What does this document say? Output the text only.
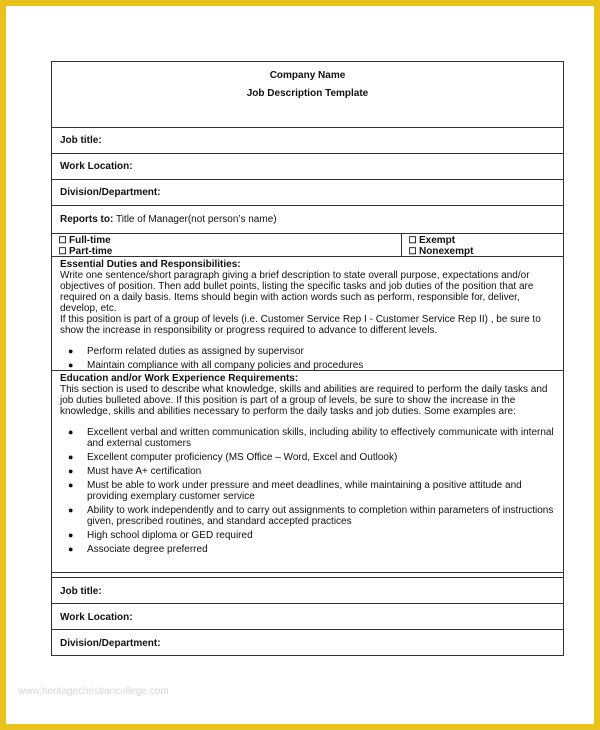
Company Name
Job Description Template
Job title:
Work Location:
Division/Department:
Reports to: Title of Manager(not person’s name)
☐ Full-time
☐ Part-time
☐ Exempt
☐ Nonexempt
Essential Duties and Responsibilities:

Write one sentence/short paragraph giving a brief description to state overall purpose, expectations and/or objectives of position. Then add bullet points, listing the specific tasks and job duties of the position that are required on a daily basis. Items should begin with action words such as perform, responsible for, deliver, develop, etc.

If this position is part of a group of levels (i.e. Customer Service Rep I - Customer Service Rep II) , be sure to show the increase in responsibility or progress required to advance to different levels.

● Perform related duties as assigned by supervisor
● Maintain compliance with all company policies and procedures
Education and/or Work Experience Requirements:

This section is used to describe what knowledge, skills and abilities are required to perform the daily tasks and job duties bulleted above. If this position is part of a group of levels, be sure to show the increase in the knowledge, skills and abilities necessary to perform the daily tasks and job duties. Some examples are:

● Excellent verbal and written communication skills, including ability to effectively communicate with internal and external customers
● Excellent computer proficiency (MS Office – Word, Excel and Outlook)
● Must have A+ certification
● Must be able to work under pressure and meet deadlines, while maintaining a positive attitude and providing exemplary customer service
● Ability to work independently and to carry out assignments to completion within parameters of instructions given, prescribed routines, and standard accepted practices
● High school diploma or GED required
● Associate degree preferred
Job title:
Work Location:
Division/Department:
www.heritagechristiancollege.com
